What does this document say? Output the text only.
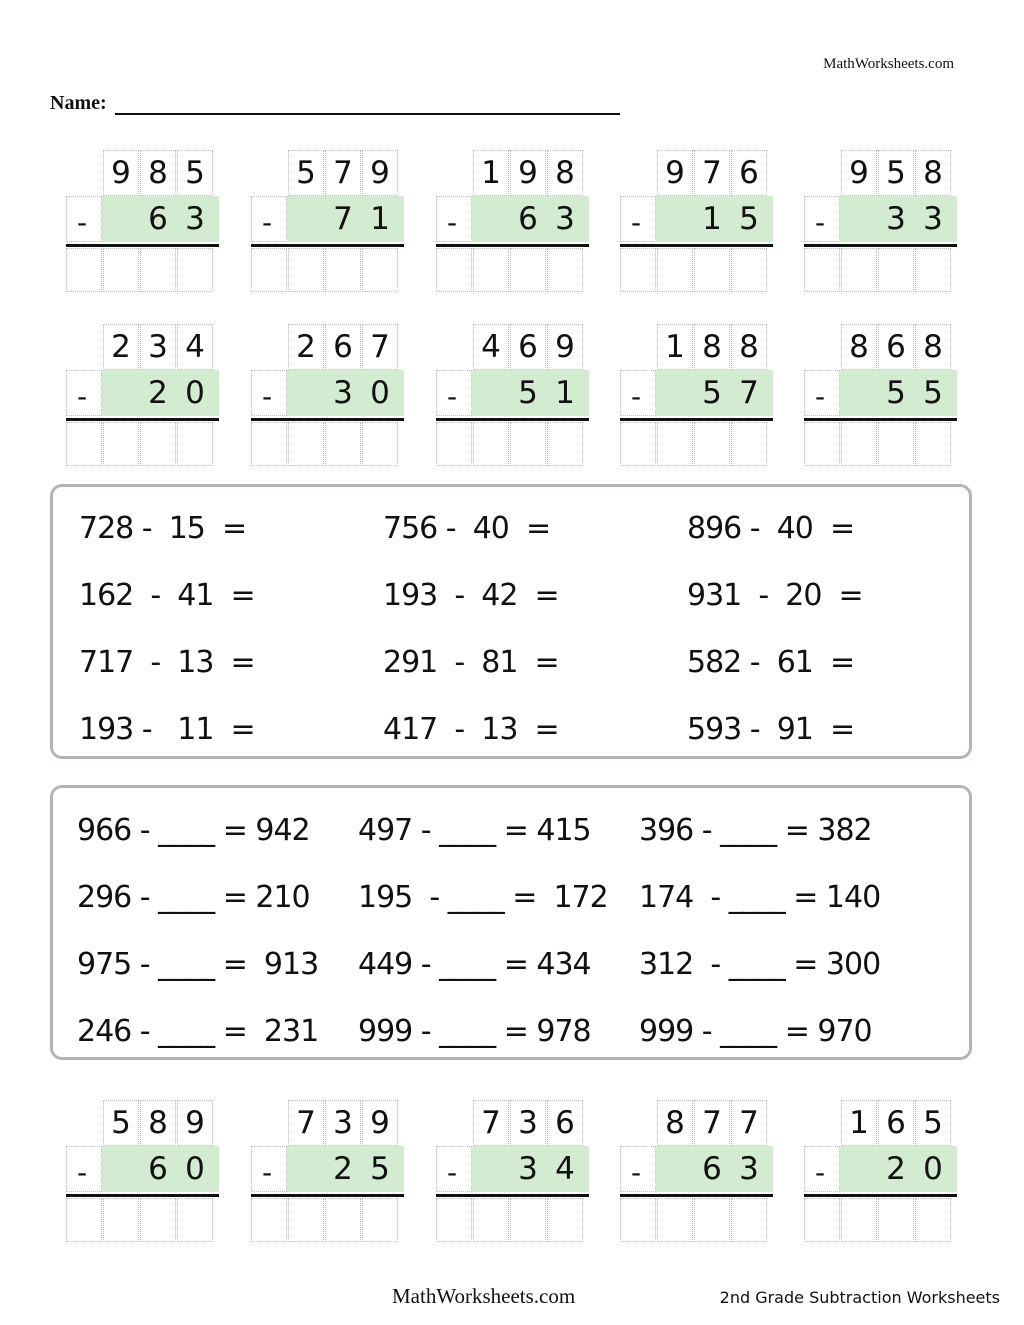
MathWorksheets.com
Name:
9 8 5
6 3
-
5 7 9
7 1
-
1 9 8
6 3
-
9 7 6
1 5
-
9 5 8
3 3
-
2 3 4
2 0
-
2 6 7
3 0
-
4 6 9
5 1
-
1 8 8
5 7
-
8 6 8
5 5
-
728 -  15  =	756 -  40  =	896 -  40  =
162  -  41  =	193  -  42  =	931  -  20  =
717  -  13  =	291  -  81  =	582 -  61  =
193 -   11  =	417  -  13  =	593 -  91  =
966 - ____ = 942 497 - ____ = 415 396 - ____ = 382
296 - ____ = 210 195  - ____ =  172 174  - ____ = 140
975 - ____ =  913 449 - ____ = 434 312  - ____ = 300
246 - ____ =  231 999 - ____ = 978 999 - ____ = 970
5 8 9
6 0
-
7 3 9
2 5
-
7 3 6
3 4
-
8 7 7
6 3
-
1 6 5
2 0
-
MathWorksheets.com	2nd Grade Subtraction Worksheets
